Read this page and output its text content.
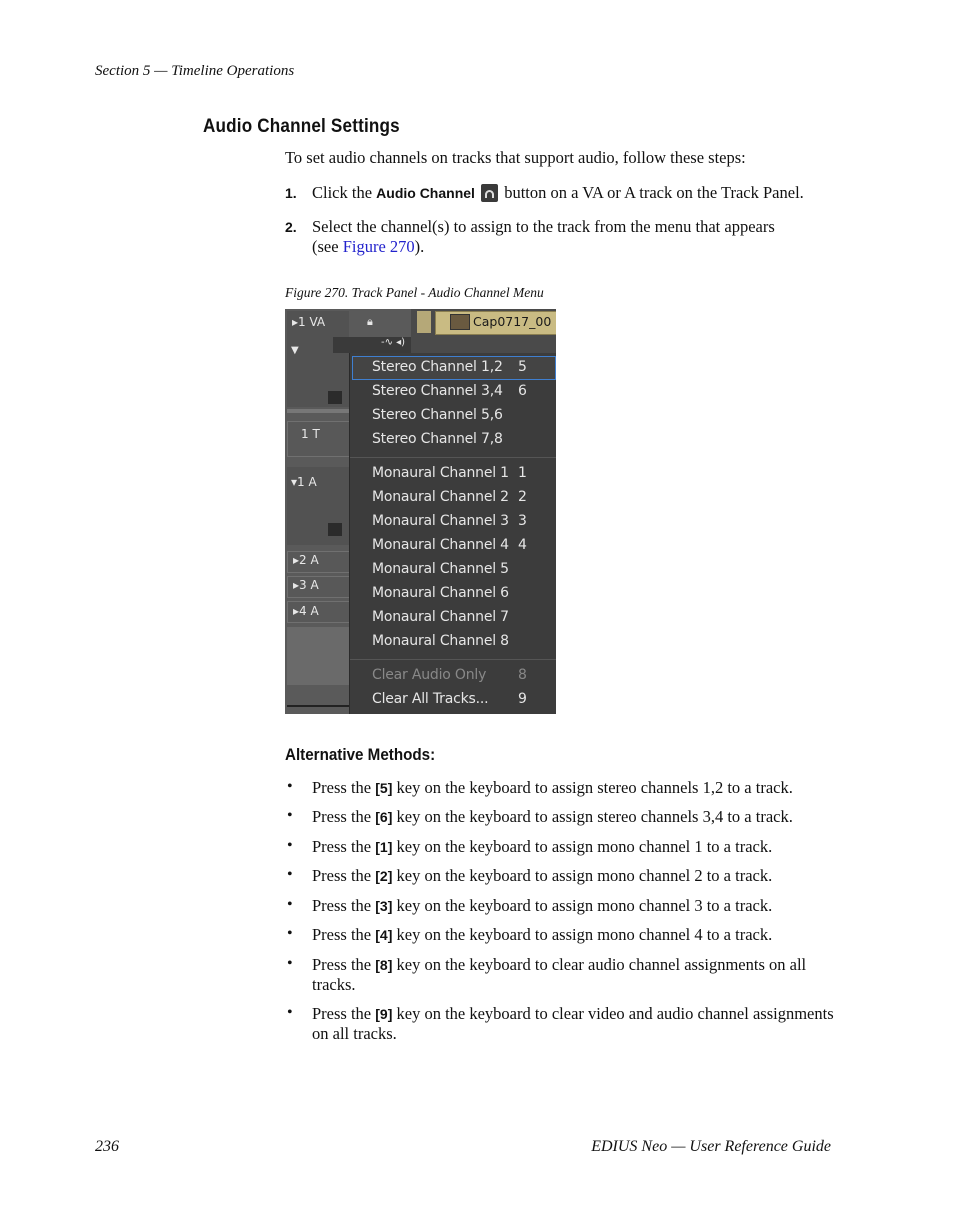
Section 5 — Timeline Operations
Audio Channel Settings
To set audio channels on tracks that support audio, follow these steps:
1. Click the Audio Channel  button on a VA or A track on the Track Panel.
2. Select the channel(s) to assign to the track from the menu that appears
(see Figure 270).
Figure 270. Track Panel - Audio Channel Menu
▸1 VA	🔒︎
-∿ ◂)
▼
1 T
▾1 A
▸2 A
▸3 A
▸4 A
Cap0717_00
Stereo Channel 1,2 5
Stereo Channel 3,4 6
Stereo Channel 5,6
Stereo Channel 7,8
Monaural Channel 1 1
Monaural Channel 2 2
Monaural Channel 3 3
Monaural Channel 4 4
Monaural Channel 5
Monaural Channel 6
Monaural Channel 7
Monaural Channel 8
Clear Audio Only 8
Clear All Tracks... 9
Alternative Methods:
• Press the [5] key on the keyboard to assign stereo channels 1,2 to a track.
• Press the [6] key on the keyboard to assign stereo channels 3,4 to a track.
• Press the [1] key on the keyboard to assign mono channel 1 to a track.
• Press the [2] key on the keyboard to assign mono channel 2 to a track.
• Press the [3] key on the keyboard to assign mono channel 3 to a track.
• Press the [4] key on the keyboard to assign mono channel 4 to a track.
• Press the [8] key on the keyboard to clear audio channel assignments on all tracks.
• Press the [9] key on the keyboard to clear video and audio channel assignments on all tracks.
236	EDIUS Neo — User Reference Guide
